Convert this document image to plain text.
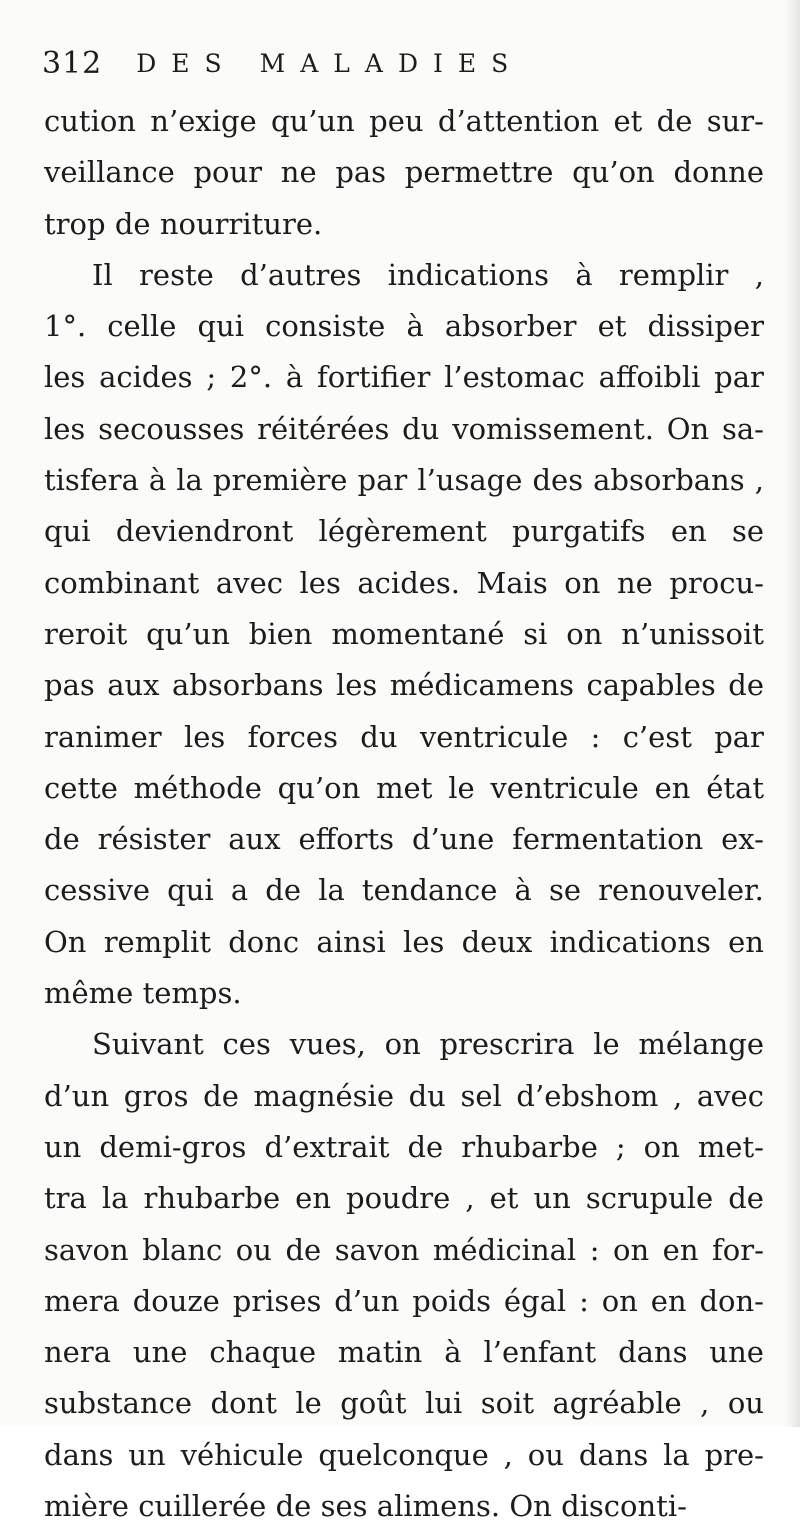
312 DES MALADIES
cution n’exige qu’un peu d’attention et de sur-
veillance pour ne pas permettre qu’on donne
trop de nourriture.
Il reste d’autres indications à remplir ,
1°. celle qui consiste à absorber et dissiper
les acides ; 2°. à fortifier l’estomac affoibli par
les secousses réitérées du vomissement. On sa-
tisfera à la première par l’usage des absorbans ,
qui deviendront légèrement purgatifs en se
combinant avec les acides. Mais on ne procu-
reroit qu’un bien momentané si on n’unissoit
pas aux absorbans les médicamens capables de
ranimer les forces du ventricule : c’est par
cette méthode qu’on met le ventricule en état
de résister aux efforts d’une fermentation ex-
cessive qui a de la tendance à se renouveler.
On remplit donc ainsi les deux indications en
même temps.
Suivant ces vues, on prescrira le mélange
d’un gros de magnésie du sel d’ebshom , avec
un demi-gros d’extrait de rhubarbe ; on met-
tra la rhubarbe en poudre , et un scrupule de
savon blanc ou de savon médicinal : on en for-
mera douze prises d’un poids égal : on en don-
nera une chaque matin à l’enfant dans une
substance dont le goût lui soit agréable , ou
dans un véhicule quelconque , ou dans la pre-
mière cuillerée de ses alimens. On disconti-
